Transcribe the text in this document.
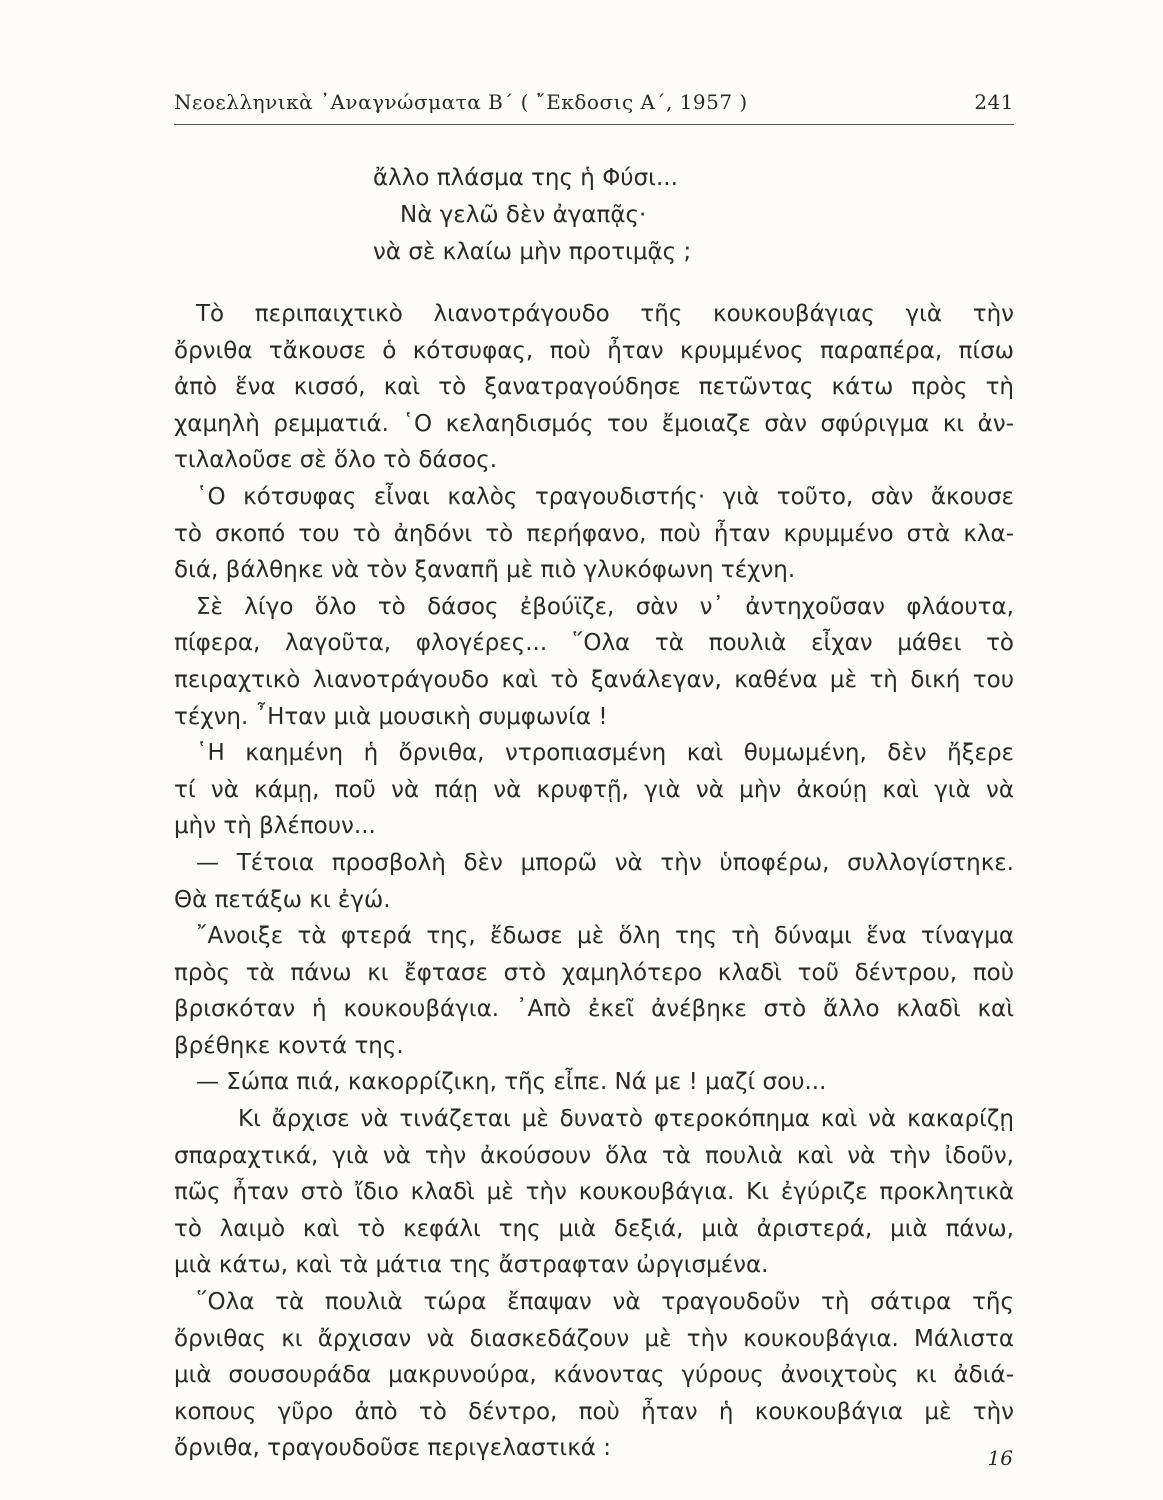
Νεοελληνικὰ ᾿Αναγνώσματα Β΄ ( ῎Εκδοσις Α΄, 1957 )	241
ἄλλο πλάσμα της ἡ Φύσι...
Νὰ γελῶ δὲν ἀγαπᾷς·
νὰ σὲ κλαίω μὴν προτιμᾷς ;
Τὸ περιπαιχτικὸ λιανοτράγουδο τῆς κουκουβάγιας γιὰ τὴν
ὄρνιθα τἄκουσε ὁ κότσυφας, ποὺ ἦταν κρυμμένος παραπέρα, πίσω
ἀπὸ ἕνα κισσό, καὶ τὸ ξανατραγούδησε πετῶντας κάτω πρὸς τὴ
χαμηλὴ ρεμματιά. ῾Ο κελαηδισμός του ἔμοιαζε σὰν σφύριγμα κι ἀν-
τιλαλοῦσε σὲ ὅλο τὸ δάσος.
῾Ο κότσυφας εἶναι καλὸς τραγουδιστής· γιὰ τοῦτο, σὰν ἄκουσε
τὸ σκοπό του τὸ ἀηδόνι τὸ περήφανο, ποὺ ἦταν κρυμμένο στὰ κλα-
διά, βάλθηκε νὰ τὸν ξαναπῆ μὲ πιὸ γλυκόφωνη τέχνη.
Σὲ λίγο ὅλο τὸ δάσος ἐβούϊζε, σὰν ν᾿ ἀντηχοῦσαν φλάουτα,
πίφερα, λαγοῦτα, φλογέρες... ῞Ολα τὰ πουλιὰ εἶχαν μάθει τὸ
πειραχτικὸ λιανοτράγουδο καὶ τὸ ξανάλεγαν, καθένα μὲ τὴ δική του
τέχνη. ῏Ηταν μιὰ μουσικὴ συμφωνία !
῾Η καημένη ἡ ὄρνιθα, ντροπιασμένη καὶ θυμωμένη, δὲν ἤξερε
τί νὰ κάμῃ, ποῦ νὰ πάῃ νὰ κρυφτῇ, γιὰ νὰ μὴν ἀκούῃ καὶ γιὰ νὰ
μὴν τὴ βλέπουν...
— Τέτοια προσβολὴ δὲν μπορῶ νὰ τὴν ὑποφέρω, συλλογίστηκε.
Θὰ πετάξω κι ἐγώ.
῎Ανοιξε τὰ φτερά της, ἔδωσε μὲ ὅλη της τὴ δύναμι ἕνα τίναγμα
πρὸς τὰ πάνω κι ἔφτασε στὸ χαμηλότερο κλαδὶ τοῦ δέντρου, ποὺ
βρισκόταν ἡ κουκουβάγια. ᾿Απὸ ἐκεῖ ἀνέβηκε στὸ ἄλλο κλαδὶ καὶ
βρέθηκε κοντά της.
— Σώπα πιά, κακορρίζικη, τῆς εἶπε. Νά με ! μαζί σου...
Κι ἄρχισε νὰ τινάζεται μὲ δυνατὸ φτεροκόπημα καὶ νὰ κακαρίζῃ
σπαραχτικά, γιὰ νὰ τὴν ἀκούσουν ὅλα τὰ πουλιὰ καὶ νὰ τὴν ἰδοῦν,
πῶς ἦταν στὸ ἴδιο κλαδὶ μὲ τὴν κουκουβάγια. Κι ἐγύριζε προκλητικὰ
τὸ λαιμὸ καὶ τὸ κεφάλι της μιὰ δεξιά, μιὰ ἀριστερά, μιὰ πάνω,
μιὰ κάτω, καὶ τὰ μάτια της ἄστραφταν ὠργισμένα.
῞Ολα τὰ πουλιὰ τώρα ἔπαψαν νὰ τραγουδοῦν τὴ σάτιρα τῆς
ὄρνιθας κι ἄρχισαν νὰ διασκεδάζουν μὲ τὴν κουκουβάγια. Μάλιστα
μιὰ σουσουράδα μακρυνούρα, κάνοντας γύρους ἀνοιχτοὺς κι ἀδιά-
κοπους γῦρο ἀπὸ τὸ δέντρο, ποὺ ἦταν ἡ κουκουβάγια μὲ τὴν
ὄρνιθα, τραγουδοῦσε περιγελαστικά :	16
